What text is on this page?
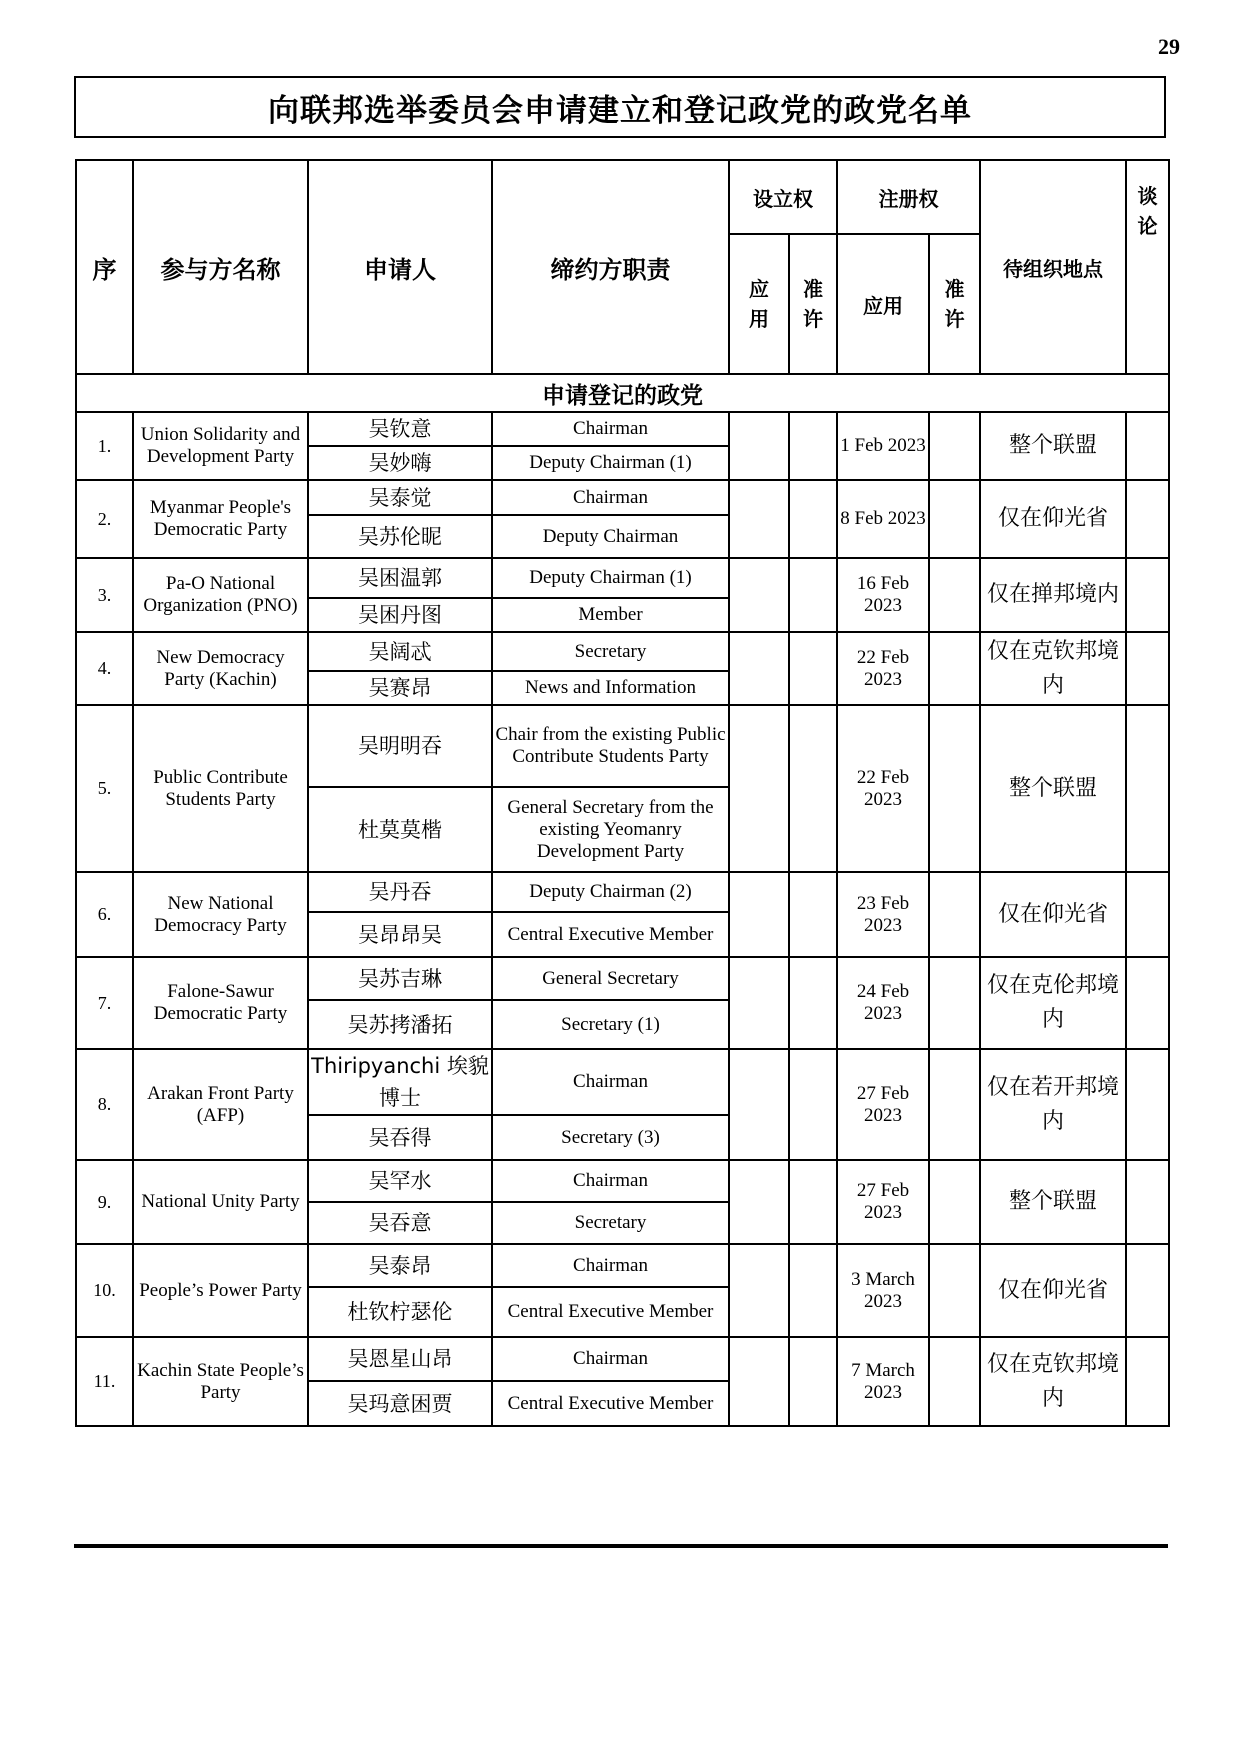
29
向联邦选举委员会申请建立和登记政党的政党名单
序	参与方名称	申请人	缔约方职责	设立权		注册权		待组织地点	谈论
				应用	准许	应用	准许		
申请登记的政党									
1.	Union Solidarity and Development Party	吴钦意	Chairman			1 Feb 2023		整个联盟	
		吴妙嗨	Deputy Chairman (1)						
2.	Myanmar People's Democratic Party	吴泰觉	Chairman			8 Feb 2023		仅在仰光省	
		吴苏伦昵	Deputy Chairman						
3.	Pa-O National Organization (PNO)	吴困温郭	Deputy Chairman (1)			16 Feb 2023		仅在掸邦境内	
		吴困丹图	Member						
4.	New Democracy Party (Kachin)	吴阔忒	Secretary			22 Feb 2023		仅在克钦邦境内	
		吴赛昂	News and Information						
5.	Public Contribute Students Party	吴明明吞	Chair from the existing Public Contribute Students Party			22 Feb 2023		整个联盟	
		杜莫莫楷	General Secretary from the existing Yeomanry Development Party						
6.	New National Democracy Party	吴丹吞	Deputy Chairman (2)			23 Feb 2023		仅在仰光省	
		吴昂昂吴	Central Executive Member						
7.	Falone-Sawur Democratic Party	吴苏吉琳	General Secretary			24 Feb 2023		仅在克伦邦境内	
		吴苏拷潘拓	Secretary (1)						
8.	Arakan Front Party (AFP)	Thiripyanchi 埃貌博士	Chairman			27 Feb 2023		仅在若开邦境内	
		吴吞得	Secretary (3)						
9.	National Unity Party	吴罕水	Chairman			27 Feb 2023		整个联盟	
		吴吞意	Secretary						
10.	People’s Power Party	吴泰昂	Chairman			3 March 2023		仅在仰光省	
		杜钦柠瑟伦	Central Executive Member						
11.	Kachin State People’s Party	吴恩星山昂	Chairman			7 March 2023		仅在克钦邦境内	
		吴玛意困贾	Central Executive Member						
